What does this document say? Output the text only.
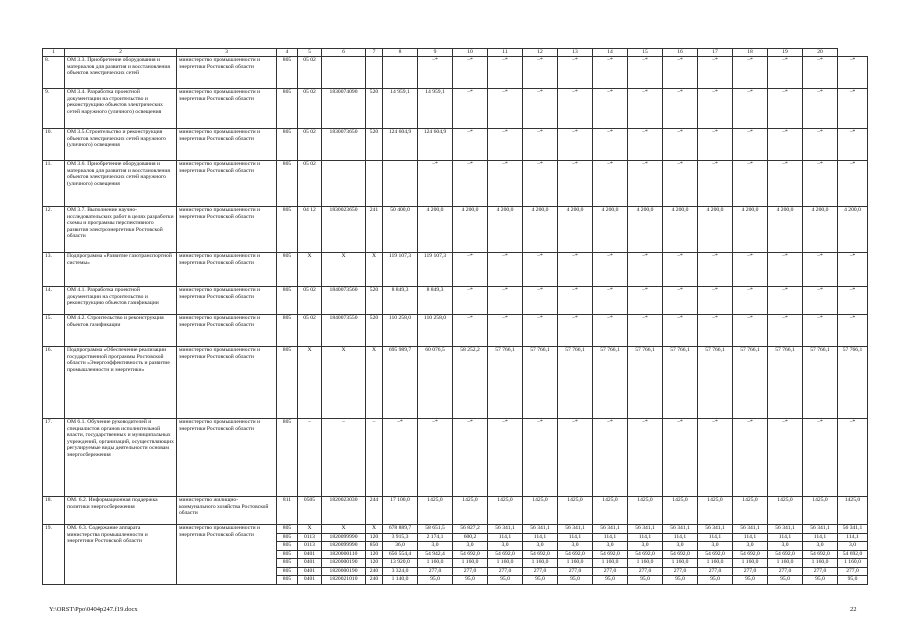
1	2	3	4	5	6	7	8	9	10	11	12	13	14	15	16	17	18	19	20	
8.	ОМ 3.3. Приобретение оборудования и материалов для развития и восстановления объектов электрических сетей	министерство промышленности и энергетики Ростовской области	805	05 02				–*	–*	–*	–*	–*	–*	–*	–*	–*	–*	–*	–*	–*
9.	ОМ 3.4. Разработка проектной документации на строительство и реконструкцию объектов электрических сетей наружного (уличного) освещения	министерство промышленности и энергетики Ростовской области	805	05 02	1830074090	520	14 959,1	14 959,1	–*	–*	–*	–*	–*	–*	–*	–*	–*	–*	–*	–*
10.	ОМ 3.5.Строительство и реконструкция объектов электрических сетей наружного (уличного) освещения	министерство промышленности и энергетики Ростовской области	805	05 02	1830073650	520	124 604,9	124 604,9	–*	–*	–*	–*	–*	–*	–*	–*	–*	–*	–*	–*
11.	ОМ 3.6. Приобретение оборудования и материалов для развития и восстановления объектов электрических сетей наружного (уличного) освещения	министерство промышленности и энергетики Ростовской области	805	05 02				–*	–*	–*	–*	–*	–*	–*	–*	–*	–*	–*	–*	–*
12.	ОМ 3.7. Выполнение научно-исследовательских работ в целях разработки схемы и программы перспективного развития электроэнергетики Ростовской области	министерство промышленности и энергетики Ростовской области	805	04 12	1830023650	241	50 400,0	4 200,0	4 200,0	4 200,0	4 200,0	4 200,0	4 200,0	4 200,0	4 200,0	4 200,0	4 200,0	4 200,0	4 200,0	4 200,0
13.	Подпрограмма «Развитие газотранспортной системы»	министерство промышленности и энергетики Ростовской области	805	X	X	X	119 107,3	119 107,3	–*	–*	–*	–*	–*	–*	–*	–*	–*	–*	–*	–*
14.	ОМ 4.1. Разработка проектной документации на строительство и реконструкцию объектов газификации	министерство промышленности и энергетики Ростовской области	805	05 02	1840073560	520	8 849,3	8 849,3	–*	–*	–*	–*	–*	–*	–*	–*	–*	–*	–*	–*
15.	ОМ 4.2. Строительство и реконструкция объектов газификации	министерство промышленности и энергетики Ростовской области	805	05 02	1840073550	520	110 258,0	110 258,0	–*	–*	–*	–*	–*	–*	–*	–*	–*	–*	–*	–*
16.	Подпрограмма «Обеспечение реализации государственной программы Ростовской области «Энергоэффективность и развитие промышленности и энергетики»	министерство промышленности и энергетики Ростовской области	805	X	X	X	695 989,7	60 076,5	58 252,2	57 766,1	57 766,1	57 766,1	57 766,1	57 766,1	57 766,1	57 766,1	57 766,1	57 766,1	57 766,1	57 766,1
17.	ОМ 6.1. Обучение руководителей и специалистов органов исполнительной власти, государственных и муниципальных учреждений, организаций, осуществляющих регулируемые виды деятельности основам энергосбережения	министерство промышленности и энергетики Ростовской области	805	–	–	–	–*	–*	–*	–*	–*	–*	–*	–*	–*	–*	–*	–*	–*	–*
18.	ОМ. 6.2. Информационная поддержка политики энергосбережения	министерство жилищно-коммунального хозяйства Ростовской области	811	0505	1820023030	244	17 100,0	1425,0	1425,0	1425,0	1425,0	1425,0	1425,0	1425,0	1425,0	1425,0	1425,0	1425,0	1425,0	1425,0
19.	ОМ. 6.3. Содержание аппарата министерства промышленности и энергетики Ростовской области	министерство промышленности и энергетики Ростовской области	805	X	X	X	678 889,7	58 651,5	56 827,2	56 341,1	56 341,1	56 341,1	56 341,1	56 341,1	56 341,1	56 341,1	56 341,1	56 341,1	56 341,1	56 341,1
			805	0113	1820099990	120	3 915,3	2 174,1	600,2	114,1	114,1	114,1	114,1	114,1	114,1	114,1	114,1	114,1	114,1	114,1
			805	0113	1820099990	850	36,0	3,0	3,0	3,0	3,0	3,0	3,0	3,0	3,0	3,0	3,0	3,0	3,0	3,0
			805	0401	1820000110	120	656 554,4	54 942,4	54 692,0	54 692,0	54 692,0	54 692,0	54 692,0	54 692,0	54 692,0	54 692,0	54 692,0	54 692,0	54 692,0	54 692,0
			805	0401	1820000190	120	13 920,0	1 160,0	1 160,0	1 160,0	1 160,0	1 160,0	1 160,0	1 160,0	1 160,0	1 160,0	1 160,0	1 160,0	1 160,0	1 160,0
			805	0401	1820000190	240	3 324,0	277,0	277,0	277,0	277,0	277,0	277,0	277,0	277,0	277,0	277,0	277,0	277,0	277,0
			805	0401	1820021010	240	1 140,0	95,0	95,0	95,0	95,0	95,0	95,0	95,0	95,0	95,0	95,0	95,0	95,0	95,0
Y:\ORST\Ppo\0404p247.f19.docx	22
